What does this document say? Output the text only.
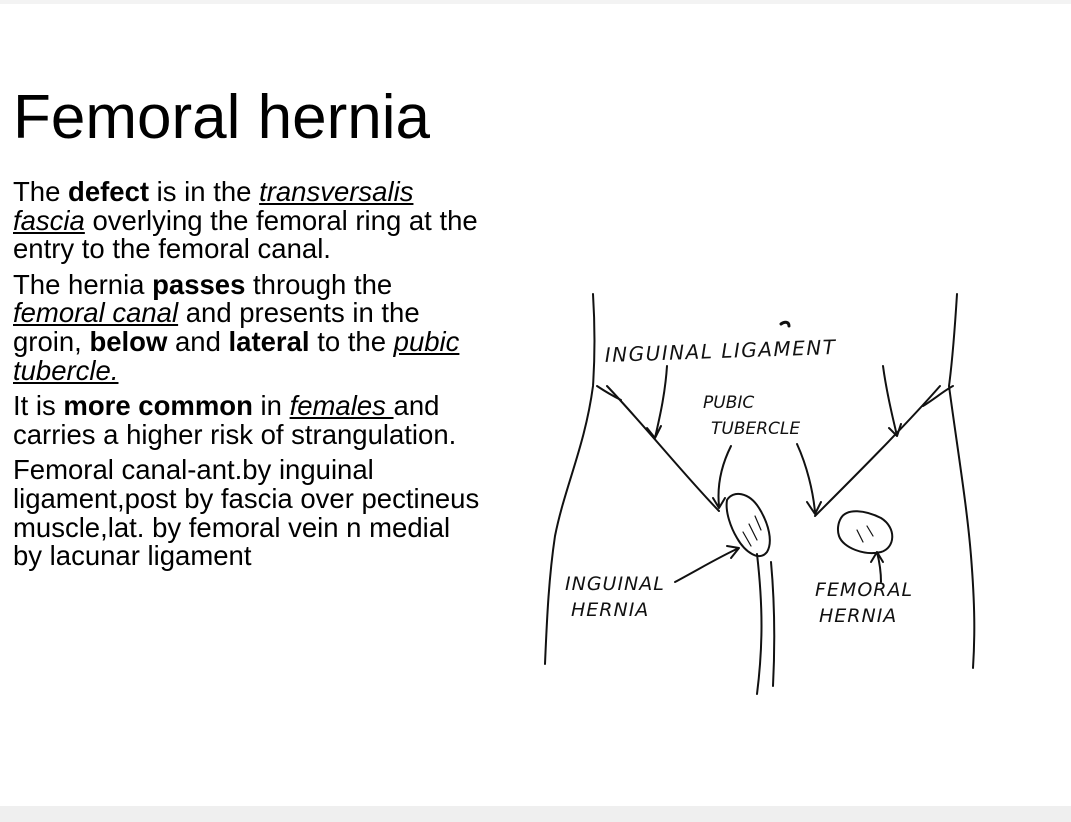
Femoral hernia

The defect is in the transversalis fascia overlying the femoral ring at the entry to the femoral canal.

The hernia passes through the femoral canal and presents in the groin, below and lateral to the pubic tubercle.

It is more common in females and carries a higher risk of strangulation.

Femoral canal-ant.by inguinal ligament,post by fascia over pectineus muscle,lat. by femoral vein n medial by lacunar ligament

INGUINAL LIGAMENT
PUBIC
TUBERCLE
INGUINAL
HERNIA
FEMORAL
HERNIA
